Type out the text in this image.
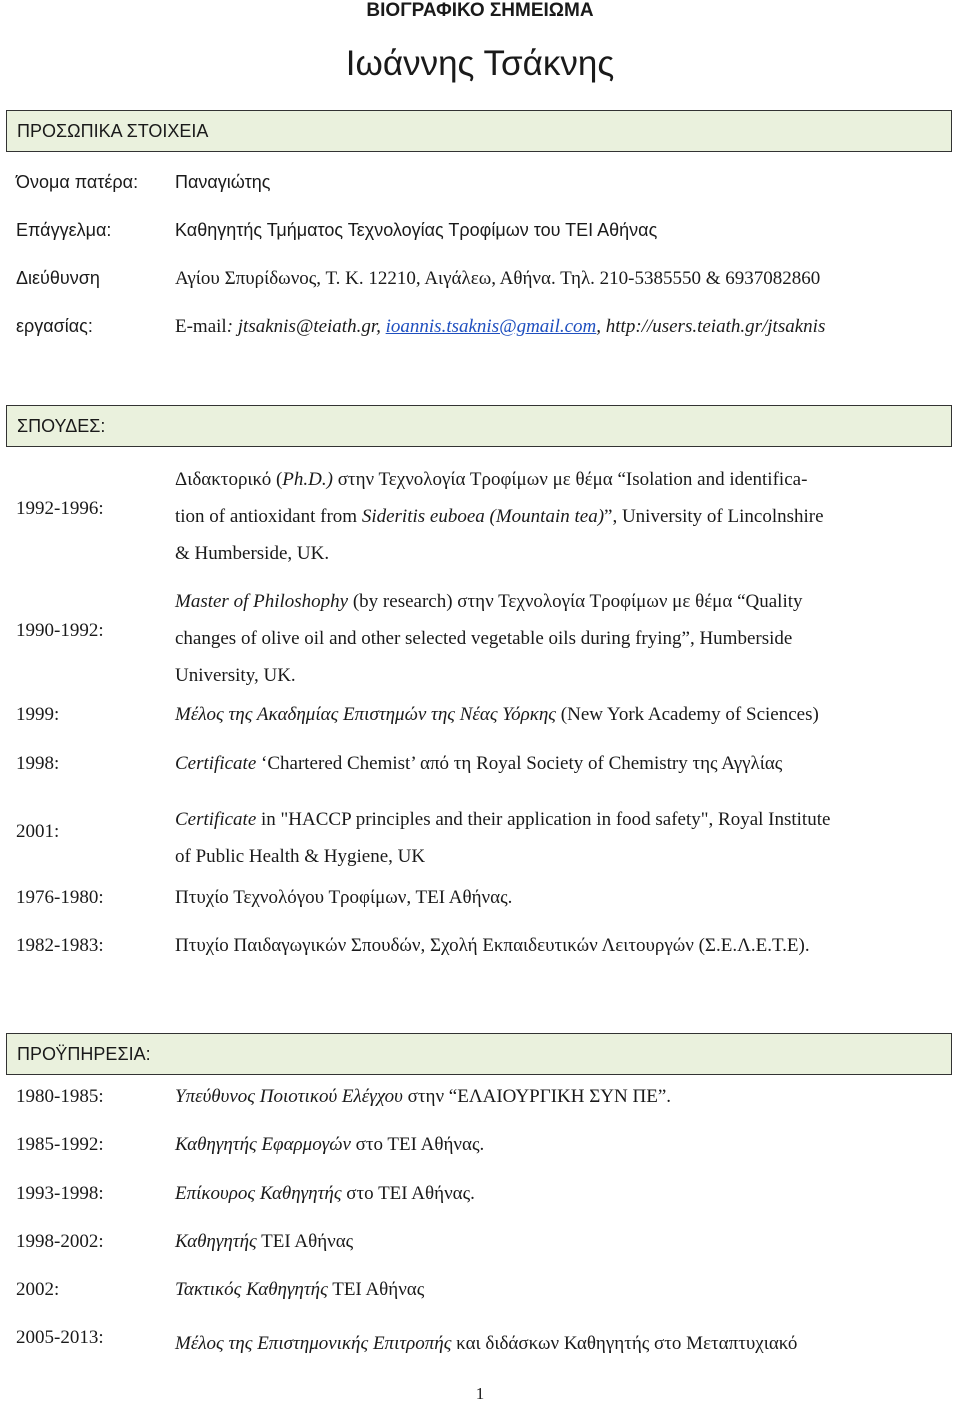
ΒΙΟΓΡΑΦΙΚΟ ΣΗΜΕΙΩΜΑ
Ιωάννης Τσάκνης
ΠΡΟΣΩΠΙΚΑ ΣΤΟΙΧΕΙΑ
Όνομα πατέρα: Παναγιώτης
Επάγγελμα:	Καθηγητής Τμήματος Τεχνολογίας Τροφίμων του ΤΕΙ Αθήνας
Διεύθυνση	Αγίου Σπυρίδωνος, Τ. Κ. 12210, Αιγάλεω, Αθήνα. Τηλ. 210-5385550 & 6937082860
εργασίας:	E-mail: jtsaknis@teiath.gr, ioannis.tsaknis@gmail.com, http://users.teiath.gr/jtsaknis
ΣΠΟΥΔΕΣ:
1992-1996:
Διδακτορικό (Ph.D.) στην Τεχνολογία Τροφίμων με θέμα “Isolation and identifica-
tion of antioxidant from Sideritis euboea (Mountain tea)”, University of Lincolnshire
& Humberside, UK.
1990-1992:
Master of Philoshophy (by research) στην Τεχνολογία Τροφίμων με θέμα “Quality
changes of olive oil and other selected vegetable oils during frying”, Humberside
University, UK.
1999:	Μέλος της Ακαδημίας Επιστημών της Νέας Υόρκης (New York Academy of Sciences)
1998:	Certificate ‘Chartered Chemist’ από τη Royal Society of Chemistry της Αγγλίας
2001:
Certificate in "HACCP principles and their application in food safety", Royal Institute
of Public Health & Hygiene, UK
1976-1980:	Πτυχίο Τεχνολόγου Τροφίμων, ΤΕΙ Αθήνας.
1982-1983:	Πτυχίο Παιδαγωγικών Σπουδών, Σχολή Εκπαιδευτικών Λειτουργών (Σ.Ε.Λ.Ε.Τ.Ε).
ΠΡΟΫΠΗΡΕΣΙΑ:
1980-1985:	Υπεύθυνος Ποιοτικού Ελέγχου στην “ΕΛΑΙΟΥΡΓΙΚΗ ΣΥΝ ΠΕ”.
1985-1992:	Καθηγητής Εφαρμογών στο ΤΕΙ Αθήνας.
1993-1998:	Επίκουρος Καθηγητής στο ΤΕΙ Αθήνας.
1998-2002:	Καθηγητής ΤΕΙ Αθήνας
2002:	Τακτικός Καθηγητής ΤΕΙ Αθήνας
2005-2013:	Μέλος της Επιστημονικής Επιτροπής και διδάσκων Καθηγητής στο Μεταπτυχιακό
1
